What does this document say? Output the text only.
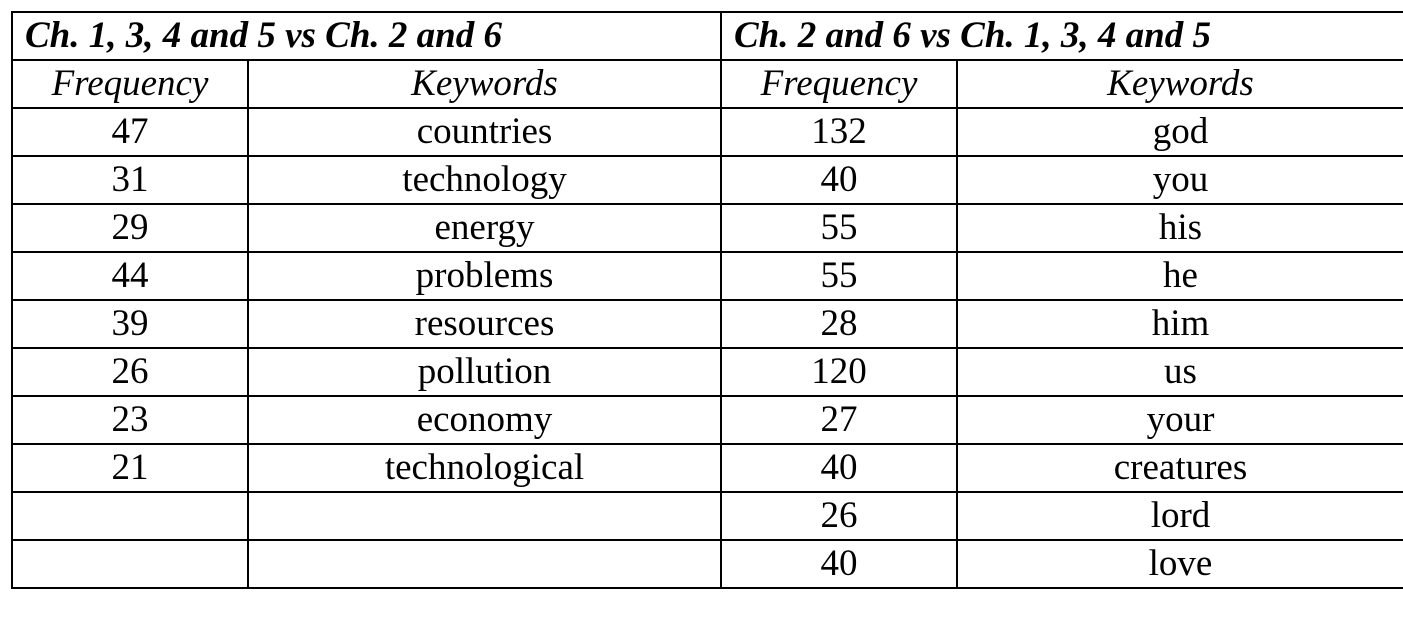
Ch. 1, 3, 4 and 5 vs Ch. 2 and 6		Ch. 2 and 6 vs Ch. 1, 3, 4 and 5	
Frequency	Keywords	Frequency	Keywords
47	countries	132	god
31	technology	40	you
29	energy	55	his
44	problems	55	he
39	resources	28	him
26	pollution	120	us
23	economy	27	your
21	technological	40	creatures
		26	lord
		40	love
